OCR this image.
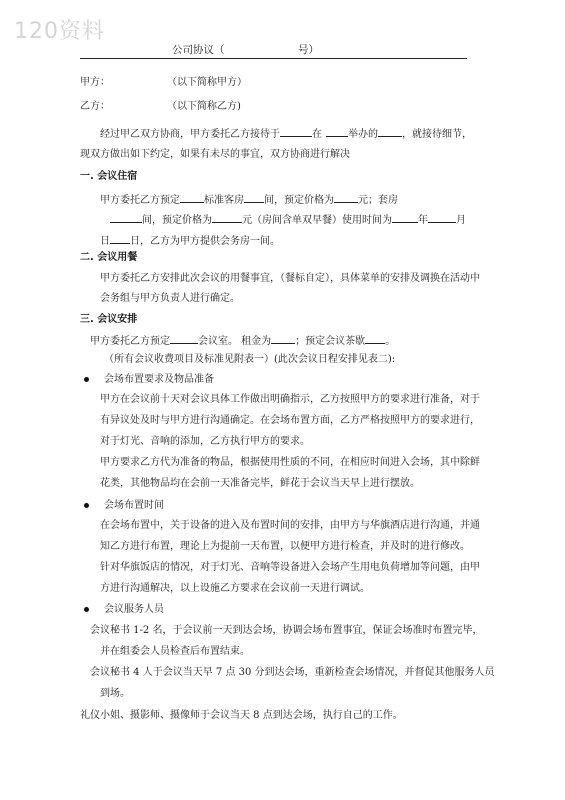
120资料
公司协议（	号）
甲方：	（以下简称甲方）
乙方：	（以下简称乙方)
经过甲乙双方协商，甲方委托乙方接待于	在	举办的 ，就接待细节，
现双方做出如下约定，如果有未尽的事宜，双方协商进行解决
一. 会议住宿
甲方委托乙方预定 标准客房 间，预定价格为 元；套房
间，预定价格为	元（房间含单双早餐）使用时间为	年	月
日 日，乙方为甲方提供会务房一间。
二. 会议用餐
甲方委托乙方安排此次会议的用餐事宜，（餐标自定），具体菜单的安排及调换在活动中
会务组与甲方负责人进行确定。
三. 会议安排
甲方委托乙方预定	会议室。 租金为 ；预定会议茶歇 。
（所有会议收费项目及标准见附表一）(此次会议日程安排见表二):
会场布置要求及物品准备
甲方在会议前十天对会议具体工作做出明确指示，乙方按照甲方的要求进行准备，对于
有异议处及时与甲方进行沟通确定。在会场布置方面，乙方严格按照甲方的要求进行，
对于灯光、音响的添加，乙方执行甲方的要求。
甲方要求乙方代为准备的物品，根据使用性质的不同，在相应时间进入会场，其中除鲜
花类，其他物品均在会前一天准备完毕，鲜花于会议当天早上进行摆放。
会场布置时间
在会场布置中，关于设备的进入及布置时间的安排，由甲方与华旗酒店进行沟通，并通
知乙方进行布置，理论上为提前一天布置，以便甲方进行检查，并及时的进行修改。
针对华旗饭店的情况，对于灯光、音响等设备进入会场产生用电负荷增加等问题，由甲
方进行沟通解决，以上设施乙方要求在会议前一天进行调试。
会议服务人员
会议秘书 1-2 名，于会议前一天到达会场，协调会场布置事宜，保证会场准时布置完毕，
并在组委会人员检查后布置结束。
会议秘书 4 人于会议当天早 7 点 30 分到达会场，重新检查会场情况，并督促其他服务人员
到场。
礼仪小姐、摄影师、摄像师于会议当天 8 点到达会场，执行自己的工作。
